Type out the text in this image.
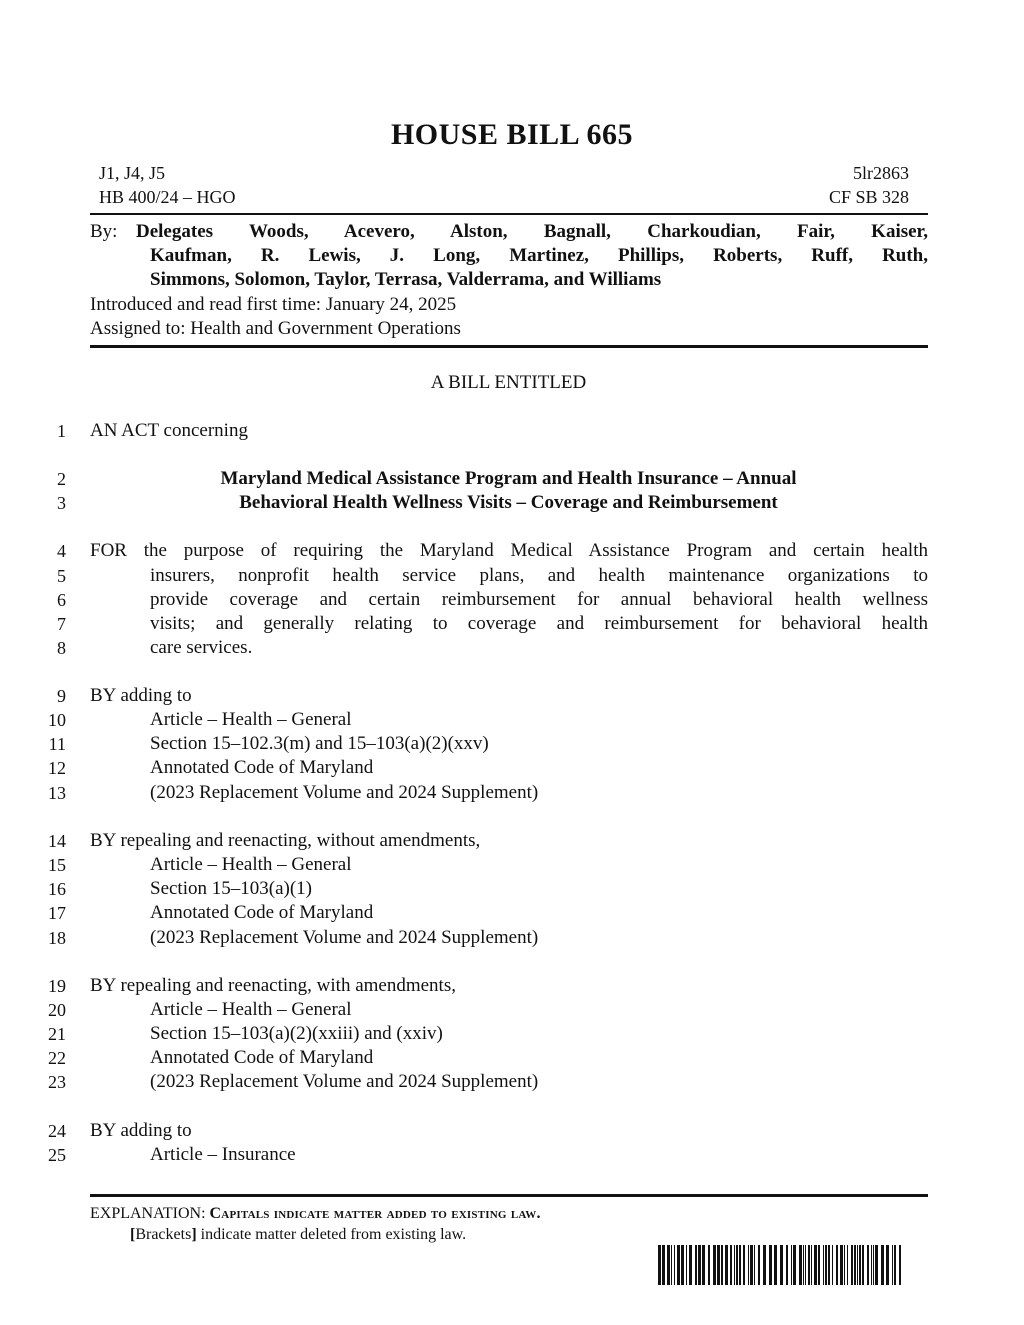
HOUSE BILL 665
J1, J4, J5
HB 400/24 – HGO
5lr2863
CF SB 328
By: Delegates Woods, Acevero, Alston, Bagnall, Charkoudian, Fair, Kaiser,
Kaufman, R. Lewis, J. Long, Martinez, Phillips, Roberts, Ruff, Ruth,
Simmons, Solomon, Taylor, Terrasa, Valderrama, and Williams
Introduced and read first time: January 24, 2025
Assigned to: Health and Government Operations
A BILL ENTITLED
1
2
3
4
5
6
7
8
9
10
11
12
13
14
15
16
17
18
19
20
21
22
23
24
25
AN ACT concerning
Maryland Medical Assistance Program and Health Insurance – Annual
Behavioral Health Wellness Visits – Coverage and Reimbursement
FOR the purpose of requiring the Maryland Medical Assistance Program and certain health
insurers, nonprofit health service plans, and health maintenance organizations to
provide coverage and certain reimbursement for annual behavioral health wellness
visits; and generally relating to coverage and reimbursement for behavioral health
care services.
BY adding to
Article – Health – General
Section 15–102.3(m) and 15–103(a)(2)(xxv)
Annotated Code of Maryland
(2023 Replacement Volume and 2024 Supplement)
BY repealing and reenacting, without amendments,
Article – Health – General
Section 15–103(a)(1)
Annotated Code of Maryland
(2023 Replacement Volume and 2024 Supplement)
BY repealing and reenacting, with amendments,
Article – Health – General
Section 15–103(a)(2)(xxiii) and (xxiv)
Annotated Code of Maryland
(2023 Replacement Volume and 2024 Supplement)
BY adding to
Article – Insurance
EXPLANATION: Capitals indicate matter added to existing law.
[Brackets] indicate matter deleted from existing law.
